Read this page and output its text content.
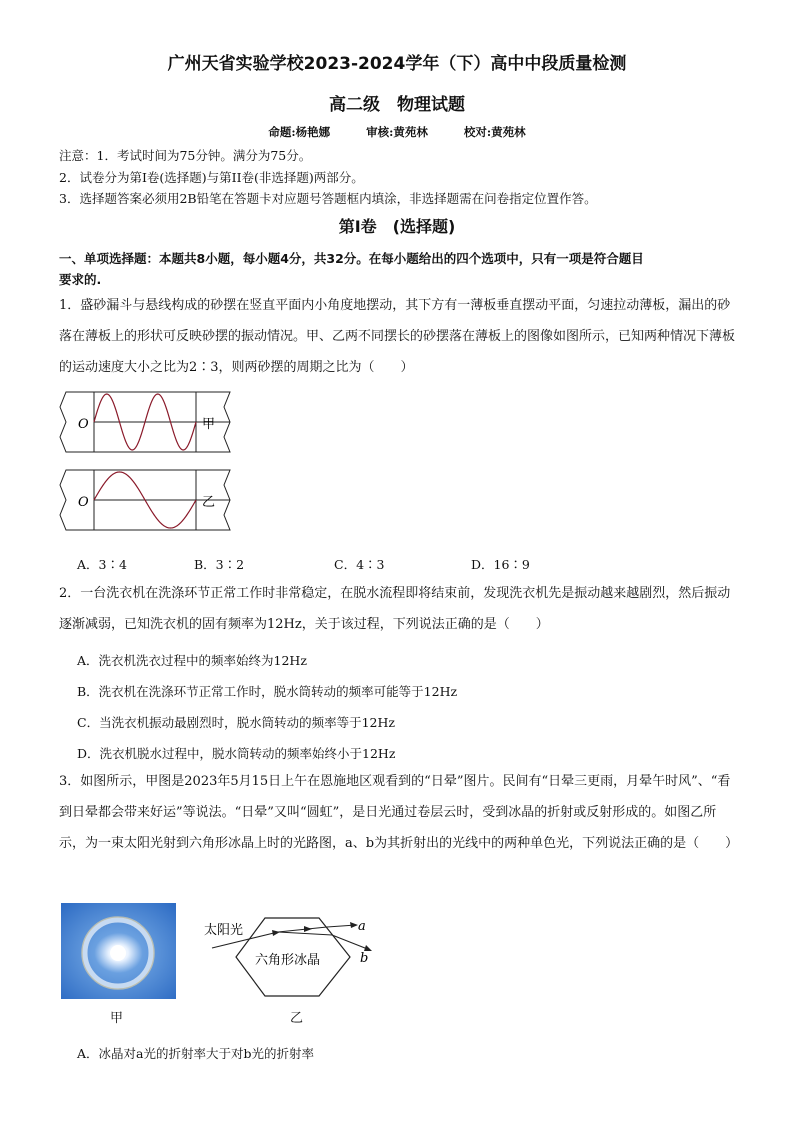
广州天省实验学校2023-2024学年（下）高中中段质量检测
高二级　物理试题
命题:杨艳娜	审核:黄苑林	校对:黄苑林
注意：1．考试时间为75分钟。满分为75分。
2．试卷分为第Ⅰ卷(选择题)与第II卷(非选择题)两部分。
3．选择题答案必须用2B铅笔在答题卡对应题号答题框内填涂，非选择题需在问卷指定位置作答。
第Ⅰ卷　(选择题)
一、单项选择题：本题共8小题，每小题4分，共32分。在每小题给出的四个选项中，只有一项是符合题目
要求的.
1．盛砂漏斗与悬线构成的砂摆在竖直平面内小角度地摆动，其下方有一薄板垂直摆动平面，匀速拉动薄板，漏出的砂落在薄板上的形状可反映砂摆的振动情况。甲、乙两不同摆长的砂摆落在薄板上的图像如图所示，已知两种情况下薄板的运动速度大小之比为2∶3，则两砂摆的周期之比为（　　）
O	甲
O	乙
A．3∶4	B．3∶2	C．4∶3	D．16∶9
2．一台洗衣机在洗涤环节正常工作时非常稳定，在脱水流程即将结束前，发现洗衣机先是振动越来越剧烈，然后振动逐渐减弱，已知洗衣机的固有频率为12Hz，关于该过程，下列说法正确的是（　　）
A．洗衣机洗衣过程中的频率始终为12Hz
B．洗衣机在洗涤环节正常工作时，脱水筒转动的频率可能等于12Hz
C．当洗衣机振动最剧烈时，脱水筒转动的频率等于12Hz
D．洗衣机脱水过程中，脱水筒转动的频率始终小于12Hz
3．如图所示，甲图是2023年5月15日上午在恩施地区观看到的“日晕”图片。民间有“日晕三更雨，月晕午时风”、“看到日晕都会带来好运”等说法。“日晕”又叫“圆虹”，是日光通过卷层云时，受到冰晶的折射或反射形成的。如图乙所示，为一束太阳光射到六角形冰晶上时的光路图，a、b为其折射出的光线中的两种单色光，下列说法正确的是（　　）
甲
太阳光
六角形冰晶
a
b
乙
A．冰晶对a光的折射率大于对b光的折射率
